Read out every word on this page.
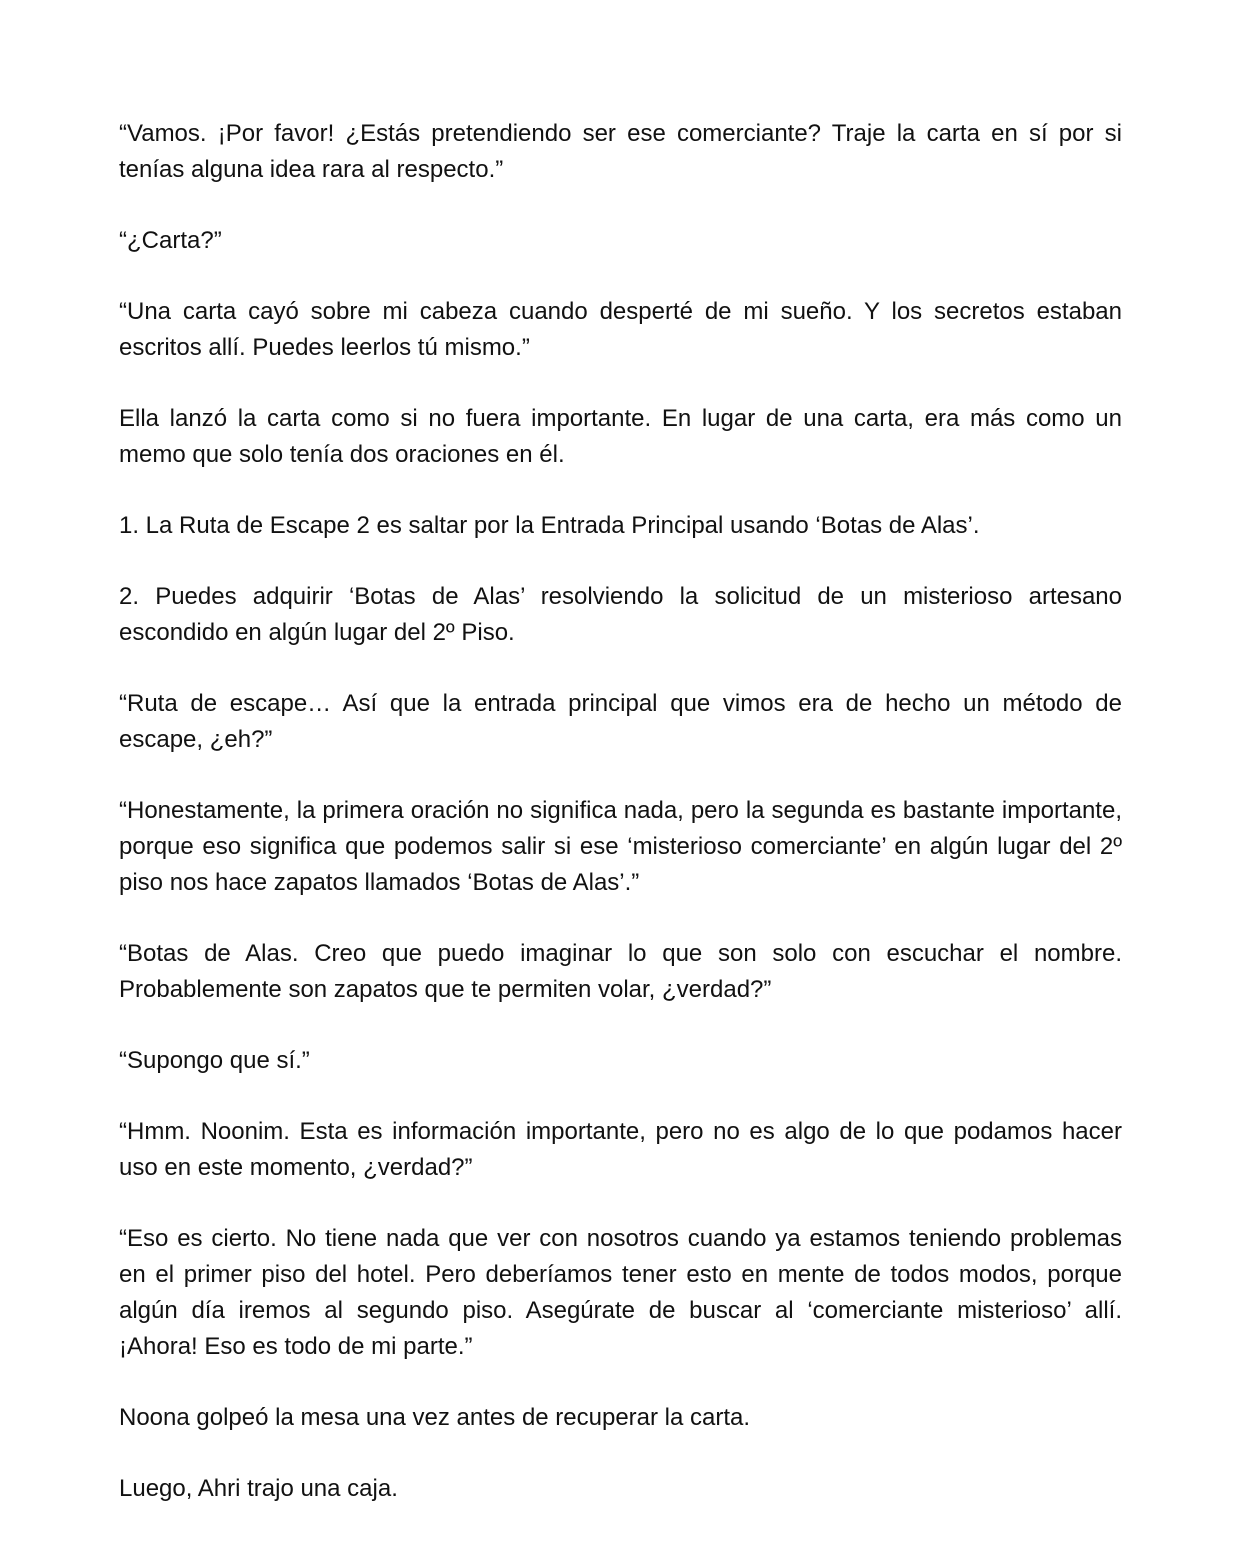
“Vamos. ¡Por favor! ¿Estás pretendiendo ser ese comerciante? Traje la carta en sí por si tenías alguna idea rara al respecto.”

“¿Carta?”

“Una carta cayó sobre mi cabeza cuando desperté de mi sueño. Y los secretos estaban escritos allí. Puedes leerlos tú mismo.”

Ella lanzó la carta como si no fuera importante. En lugar de una carta, era más como un memo que solo tenía dos oraciones en él.

1. La Ruta de Escape 2 es saltar por la Entrada Principal usando ‘Botas de Alas’.

2. Puedes adquirir ‘Botas de Alas’ resolviendo la solicitud de un misterioso artesano escondido en algún lugar del 2º Piso.

“Ruta de escape… Así que la entrada principal que vimos era de hecho un método de escape, ¿eh?”

“Honestamente, la primera oración no significa nada, pero la segunda es bastante importante, porque eso significa que podemos salir si ese ‘misterioso comerciante’ en algún lugar del 2º piso nos hace zapatos llamados ‘Botas de Alas’.”

“Botas de Alas. Creo que puedo imaginar lo que son solo con escuchar el nombre. Probablemente son zapatos que te permiten volar, ¿verdad?”

“Supongo que sí.”

“Hmm. Noonim. Esta es información importante, pero no es algo de lo que podamos hacer uso en este momento, ¿verdad?”

“Eso es cierto. No tiene nada que ver con nosotros cuando ya estamos teniendo problemas en el primer piso del hotel. Pero deberíamos tener esto en mente de todos modos, porque algún día iremos al segundo piso. Asegúrate de buscar al ‘comerciante misterioso’ allí. ¡Ahora! Eso es todo de mi parte.”

Noona golpeó la mesa una vez antes de recuperar la carta.

Luego, Ahri trajo una caja.
